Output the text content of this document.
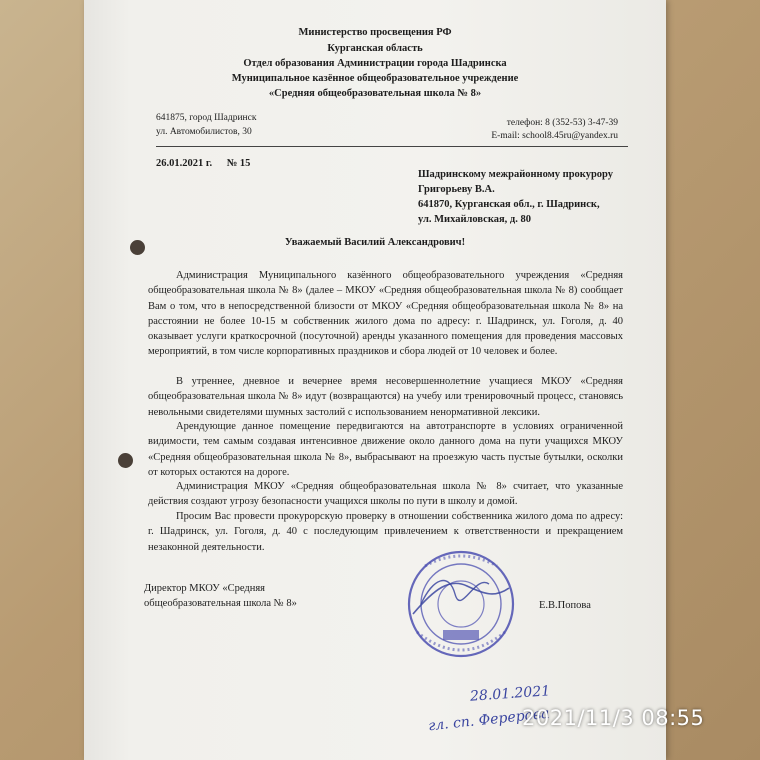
Министерство просвещения РФ
Курганская область
Отдел образования Администрации города Шадринска
Муниципальное казённое общеобразовательное учреждение
«Средняя общеобразовательная школа № 8»
641875, город Шадринск
ул. Автомобилистов, 30
телефон: 8 (352-53) 3-47-39
E-mail: school8.45ru@yandex.ru
26.01.2021 г. № 15
Шадринскому межрайонному прокурору
Григорьеву В.А.
641870, Курганская обл., г. Шадринск,
ул. Михайловская, д. 80
Уважаемый Василий Александрович!
Администрация Муниципального казённого общеобразовательного учреждения «Средняя общеобразовательная школа № 8» (далее – МКОУ «Средняя общеобразовательная школа № 8) сообщает Вам о том, что в непосредственной близости от МКОУ «Средняя общеобразовательная школа № 8» на расстоянии не более 10-15 м собственник жилого дома по адресу: г. Шадринск, ул. Гоголя, д. 40 оказывает услуги краткосрочной (посуточной) аренды указанного помещения для проведения массовых мероприятий, в том числе корпоративных праздников и сбора людей от 10 человек и более.
В утреннее, дневное и вечернее время несовершеннолетние учащиеся МКОУ «Средняя общеобразовательная школа № 8» идут (возвращаются) на учебу или тренировочный процесс, становясь невольными свидетелями шумных застолий с использованием ненормативной лексики.
Арендующие данное помещение передвигаются на автотранспорте в условиях ограниченной видимости, тем самым создавая интенсивное движение около данного дома на пути учащихся МКОУ «Средняя общеобразовательная школа № 8», выбрасывают на проезжую часть пустые бутылки, осколки от которых остаются на дороге.
Администрация МКОУ «Средняя общеобразовательная школа № 8» считает, что указанные действия создают угрозу безопасности учащихся школы по пути в школу и домой.
Просим Вас провести прокурорскую проверку в отношении собственника жилого дома по адресу: г. Шадринск, ул. Гоголя, д. 40 с последующим привлечением к ответственности и прекращением незаконной деятельности.
Директор МКОУ «Средняя
общеобразовательная школа № 8»	Е.В.Попова
28.01.2021
гл. сп. Ферерова
2021/11/3 08:55
